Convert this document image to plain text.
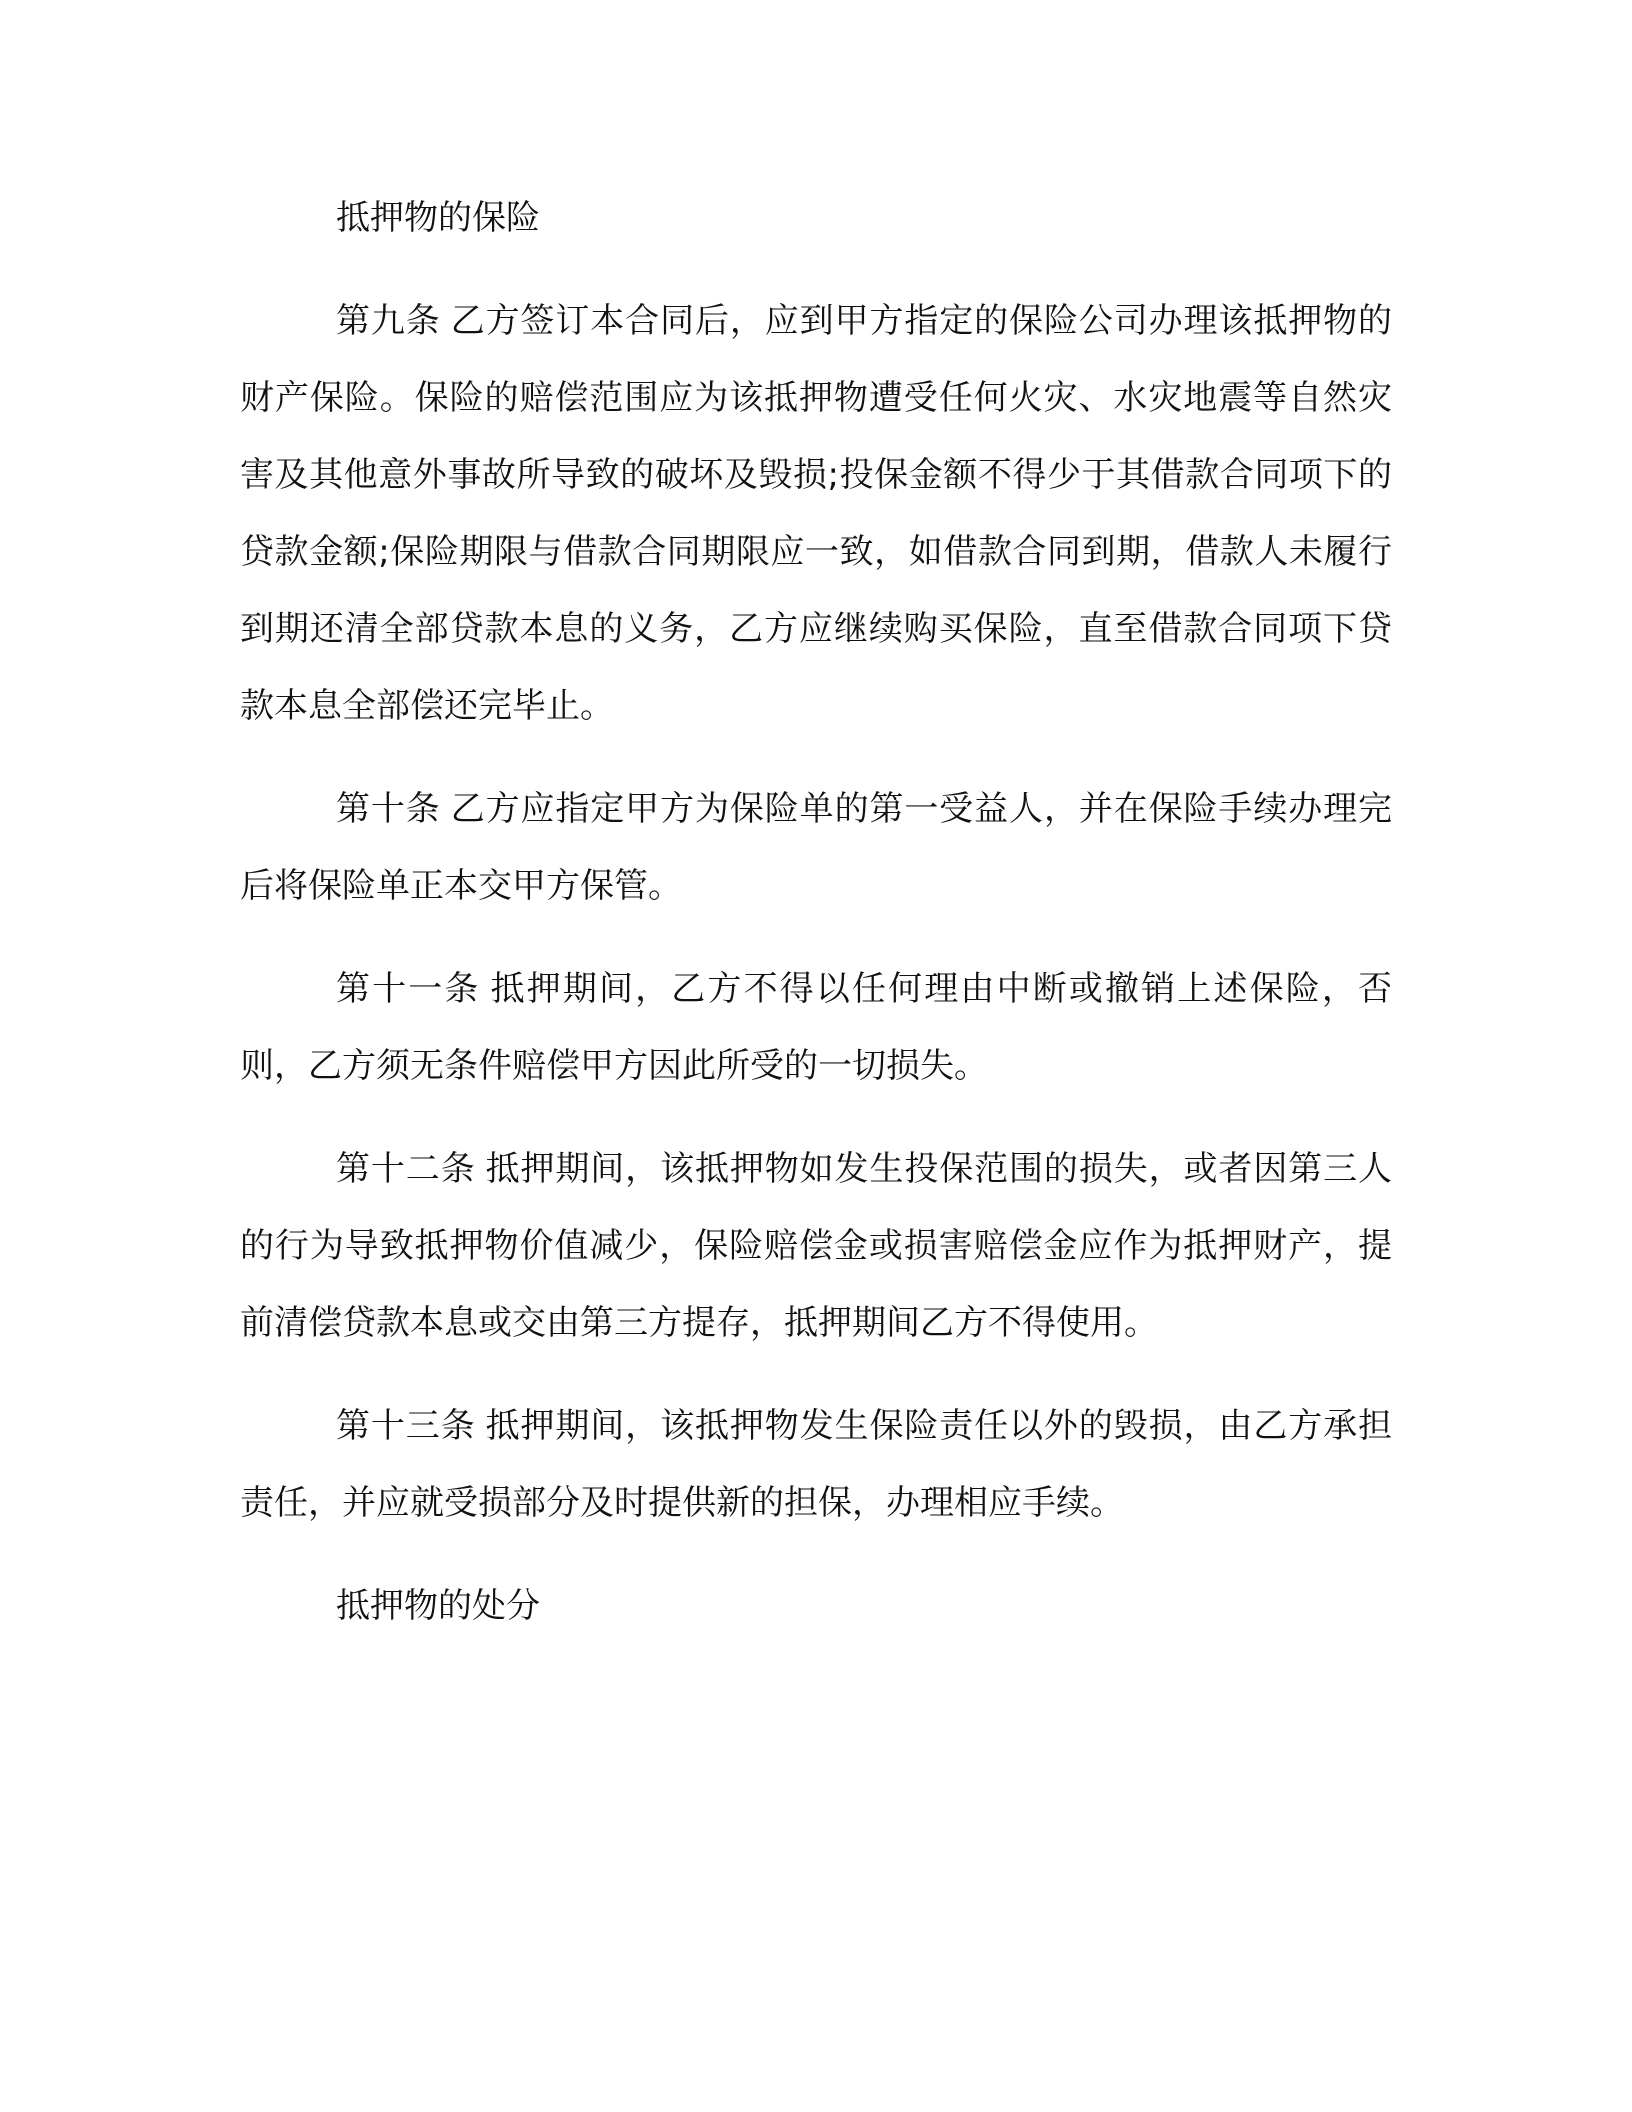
抵押物的保险

第九条 乙方签订本合同后，应到甲方指定的保险公司办理该抵押物的财产保险。保险的赔偿范围应为该抵押物遭受任何火灾、水灾地震等自然灾害及其他意外事故所导致的破坏及毁损;投保金额不得少于其借款合同项下的贷款金额;保险期限与借款合同期限应一致，如借款合同到期，借款人未履行到期还清全部贷款本息的义务，乙方应继续购买保险，直至借款合同项下贷款本息全部偿还完毕止。

第十条 乙方应指定甲方为保险单的第一受益人，并在保险手续办理完后将保险单正本交甲方保管。

第十一条 抵押期间，乙方不得以任何理由中断或撤销上述保险，否则，乙方须无条件赔偿甲方因此所受的一切损失。

第十二条 抵押期间，该抵押物如发生投保范围的损失，或者因第三人的行为导致抵押物价值减少，保险赔偿金或损害赔偿金应作为抵押财产，提前清偿贷款本息或交由第三方提存，抵押期间乙方不得使用。

第十三条 抵押期间，该抵押物发生保险责任以外的毁损，由乙方承担责任，并应就受损部分及时提供新的担保，办理相应手续。

抵押物的处分
